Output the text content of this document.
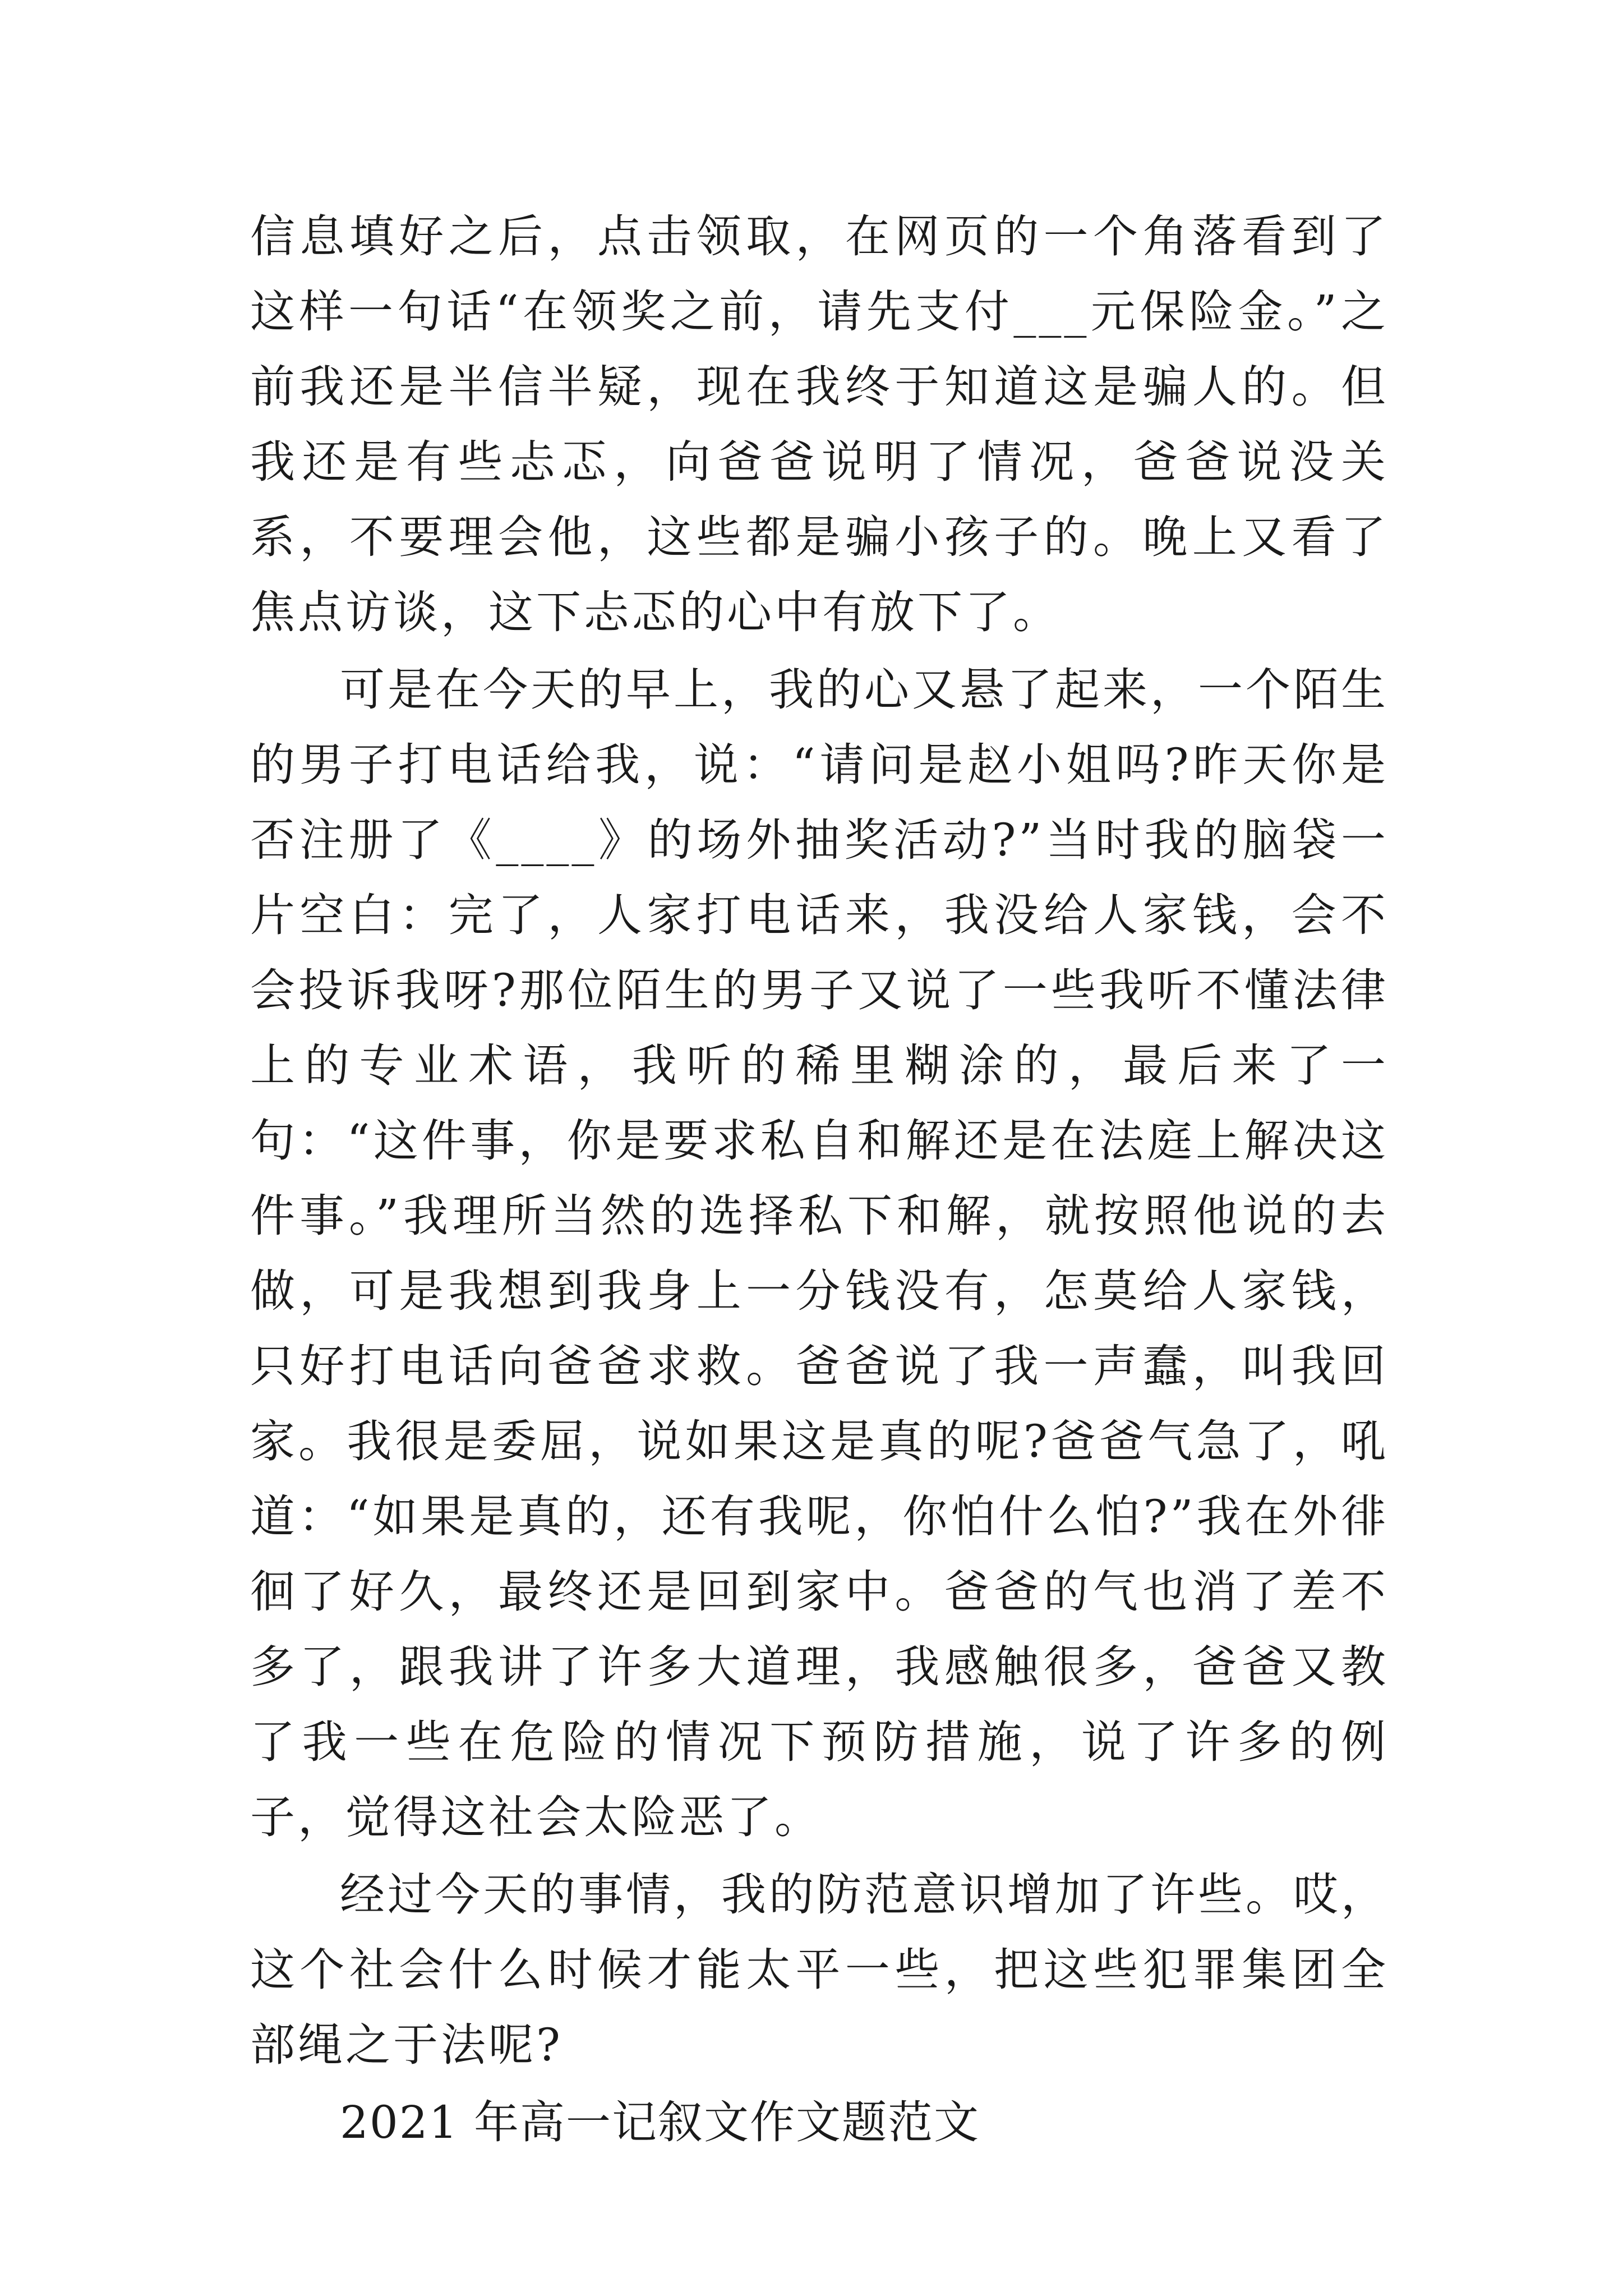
信息填好之后，点击领取，在网页的一个角落看到了这样一句话“在领奖之前，请先支付___元保险金。”之前我还是半信半疑，现在我终于知道这是骗人的。但我还是有些忐忑，向爸爸说明了情况，爸爸说没关系，不要理会他，这些都是骗小孩子的。晚上又看了焦点访谈，这下忐忑的心中有放下了。

可是在今天的早上，我的心又悬了起来，一个陌生的男子打电话给我，说：“请问是赵小姐吗?昨天你是否注册了《____》的场外抽奖活动?”当时我的脑袋一片空白：完了，人家打电话来，我没给人家钱，会不会投诉我呀?那位陌生的男子又说了一些我听不懂法律上的专业术语，我听的稀里糊涂的，最后来了一句：“这件事，你是要求私自和解还是在法庭上解决这件事。”我理所当然的选择私下和解，就按照他说的去做，可是我想到我身上一分钱没有，怎莫给人家钱，只好打电话向爸爸求救。爸爸说了我一声蠢，叫我回家。我很是委屈，说如果这是真的呢?爸爸气急了，吼道：“如果是真的，还有我呢，你怕什么怕?”我在外徘徊了好久，最终还是回到家中。爸爸的气也消了差不多了，跟我讲了许多大道理，我感触很多，爸爸又教了我一些在危险的情况下预防措施，说了许多的例子，觉得这社会太险恶了。

经过今天的事情，我的防范意识增加了许些。哎，这个社会什么时候才能太平一些，把这些犯罪集团全部绳之于法呢?

2021 年高一记叙文作文题范文
